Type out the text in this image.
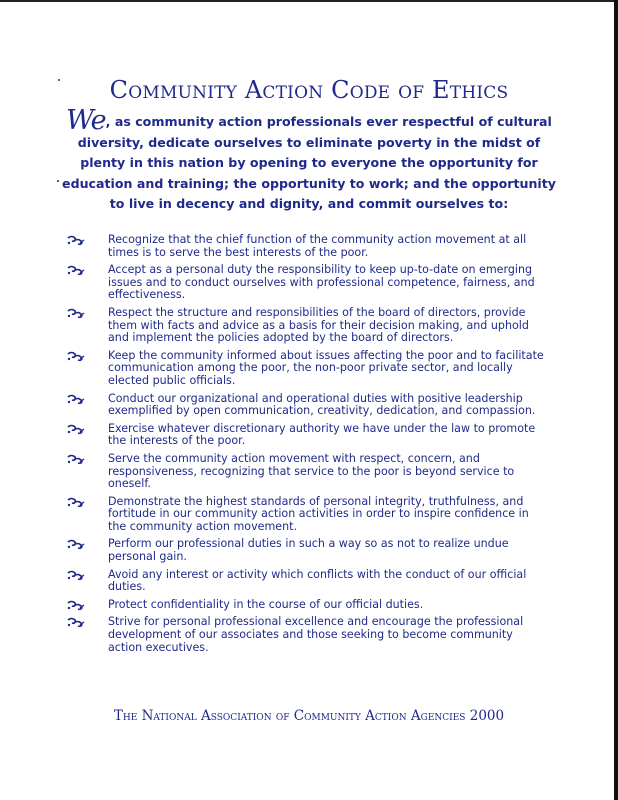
Community Action Code of Ethics

We, as community action professionals ever respectful of cultural diversity, dedicate ourselves to eliminate poverty in the midst of plenty in this nation by opening to everyone the opportunity for education and training; the opportunity to work; and the opportunity to live in decency and dignity, and commit ourselves to:

Recognize that the chief function of the community action movement at all times is to serve the best interests of the poor.
Accept as a personal duty the responsibility to keep up-to-date on emerging issues and to conduct ourselves with professional competence, fairness, and effectiveness.
Respect the structure and responsibilities of the board of directors, provide them with facts and advice as a basis for their decision making, and uphold and implement the policies adopted by the board of directors.
Keep the community informed about issues affecting the poor and to facilitate communication among the poor, the non-poor private sector, and locally elected public officials.
Conduct our organizational and operational duties with positive leadership exemplified by open communication, creativity, dedication, and compassion.
Exercise whatever discretionary authority we have under the law to promote the interests of the poor.
Serve the community action movement with respect, concern, and responsiveness, recognizing that service to the poor is beyond service to oneself.
Demonstrate the highest standards of personal integrity, truthfulness, and fortitude in our community action activities in order to inspire confidence in the community action movement.
Perform our professional duties in such a way so as not to realize undue personal gain.
Avoid any interest or activity which conflicts with the conduct of our official duties.
Protect confidentiality in the course of our official duties.
Strive for personal professional excellence and encourage the professional development of our associates and those seeking to become community action executives.

The National Association of Community Action Agencies 2000
